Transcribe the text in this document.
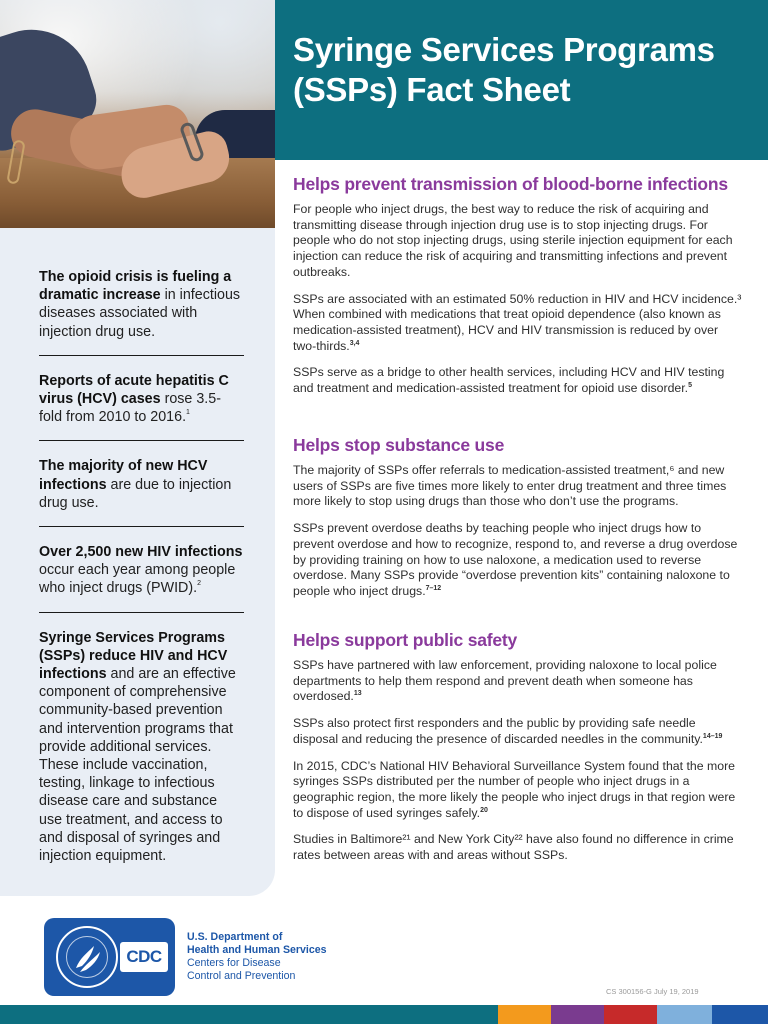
Syringe Services Programs
(SSPs) Fact Sheet

The opioid crisis is fueling a dramatic increase in infectious diseases associated with injection drug use.

Reports of acute hepatitis C virus (HCV) cases rose 3.5-fold from 2010 to 2016.$^1$

The majority of new HCV infections are due to injection drug use.

Over 2,500 new HIV infections occur each year among people who inject drugs (PWID).$^2$

Syringe Services Programs (SSPs) reduce HIV and HCV infections and are an effective component of comprehensive community-based prevention and intervention programs that provide additional services. These include vaccination, testing, linkage to infectious disease care and substance use treatment, and access to and disposal of syringes and injection equipment.

Helps prevent transmission of blood-borne infections

For people who inject drugs, the best way to reduce the risk of acquiring and transmitting disease through injection drug use is to stop injecting drugs. For people who do not stop injecting drugs, using sterile injection equipment for each injection can reduce the risk of acquiring and transmitting infections and prevent outbreaks.

SSPs are associated with an estimated 50% reduction in HIV and HCV incidence.³ When combined with medications that treat opioid dependence (also known as medication-assisted treatment), HCV and HIV transmission is reduced by over two-thirds.$^{3,4}$

SSPs serve as a bridge to other health services, including HCV and HIV testing and treatment and medication-assisted treatment for opioid use disorder.$^5$

Helps stop substance use

The majority of SSPs offer referrals to medication-assisted treatment,⁶ and new users of SSPs are five times more likely to enter drug treatment and three times more likely to stop using drugs than those who don’t use the programs.

SSPs prevent overdose deaths by teaching people who inject drugs how to prevent overdose and how to recognize, respond to, and reverse a drug overdose by providing training on how to use naloxone, a medication used to reverse overdose. Many SSPs provide “overdose prevention kits” containing naloxone to people who inject drugs.$^{7-12}$

Helps support public safety

SSPs have partnered with law enforcement, providing naloxone to local police departments to help them respond and prevent death when someone has overdosed.$^{13}$

SSPs also protect first responders and the public by providing safe needle disposal and reducing the presence of discarded needles in the community.$^{14-19}$

In 2015, CDC’s National HIV Behavioral Surveillance System found that the more syringes SSPs distributed per the number of people who inject drugs in a geographic region, the more likely the people who inject drugs in that region were to dispose of used syringes safely.$^{20}$

Studies in Baltimore²¹ and New York City²² have also found no difference in crime rates between areas with and areas without SSPs.

CDC
U.S. Department of
Health and Human Services
Centers for Disease
Control and Prevention
CS 300156-G July 19, 2019
